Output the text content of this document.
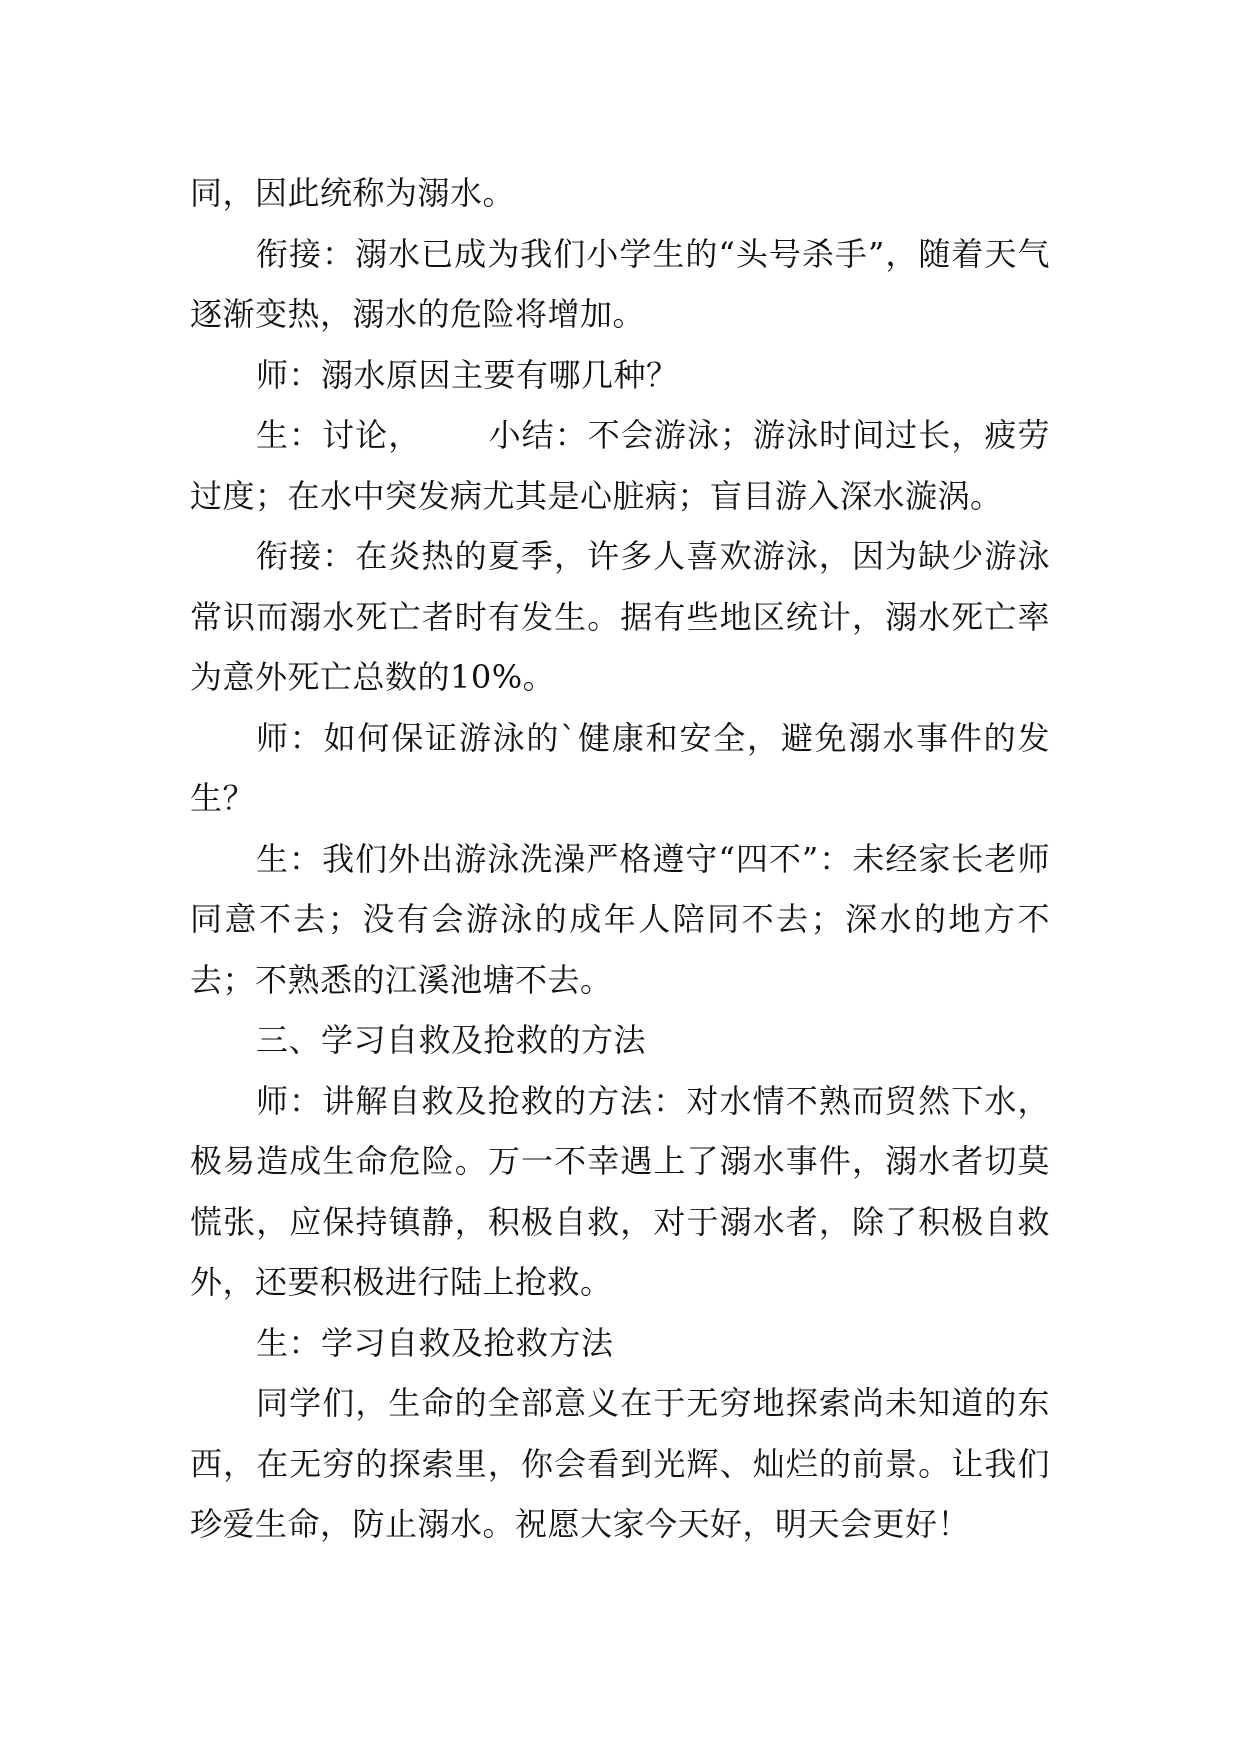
同，因此统称为溺水。

衔接：溺水已成为我们小学生的“头号杀手”，随着天气逐渐变热，溺水的危险将增加。

师：溺水原因主要有哪几种？

生：讨论，      小结：不会游泳；游泳时间过长，疲劳过度；在水中突发病尤其是心脏病；盲目游入深水漩涡。

衔接：在炎热的夏季，许多人喜欢游泳，因为缺少游泳常识而溺水死亡者时有发生。据有些地区统计，溺水死亡率为意外死亡总数的10%。

师：如何保证游泳的`健康和安全，避免溺水事件的发生？

生：我们外出游泳洗澡严格遵守“四不”：未经家长老师同意不去；没有会游泳的成年人陪同不去；深水的地方不去；不熟悉的江溪池塘不去。

三、学习自救及抢救的方法

师：讲解自救及抢救的方法：对水情不熟而贸然下水，极易造成生命危险。万一不幸遇上了溺水事件，溺水者切莫慌张，应保持镇静，积极自救，对于溺水者，除了积极自救外，还要积极进行陆上抢救。

生：学习自救及抢救方法

同学们，生命的全部意义在于无穷地探索尚未知道的东西，在无穷的探索里，你会看到光辉、灿烂的前景。让我们珍爱生命，防止溺水。祝愿大家今天好，明天会更好！
